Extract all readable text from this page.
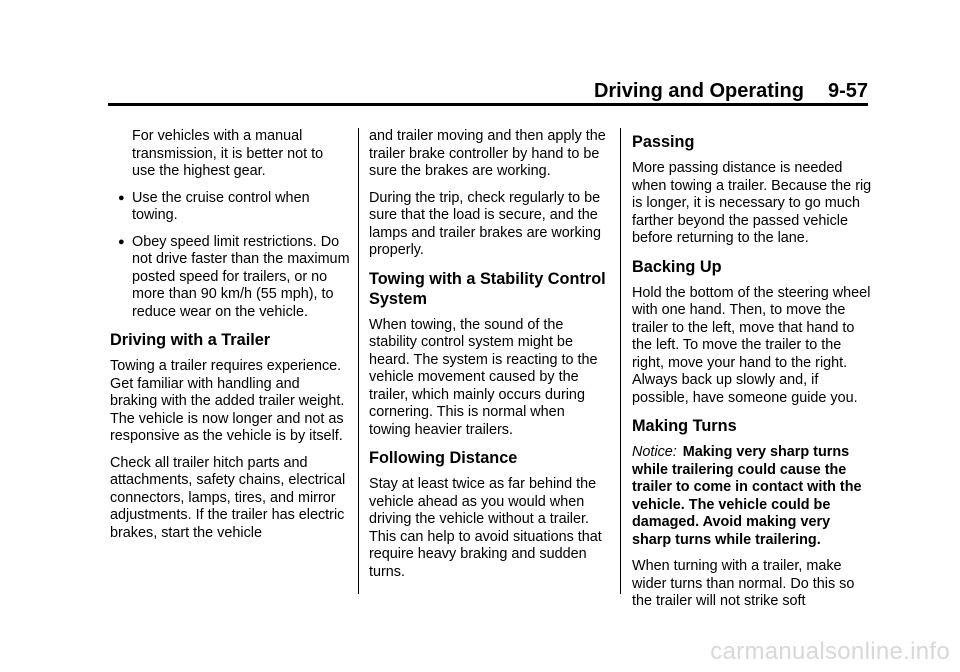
Driving and Operating 9-57

For vehicles with a manual transmission, it is better not to use the highest gear.

● Use the cruise control when towing.
● Obey speed limit restrictions. Do not drive faster than the maximum posted speed for trailers, or no more than 90 km/h (55 mph), to reduce wear on the vehicle.
Driving with a Trailer

Towing a trailer requires experience. Get familiar with handling and braking with the added trailer weight. The vehicle is now longer and not as responsive as the vehicle is by itself.

Check all trailer hitch parts and attachments, safety chains, electrical connectors, lamps, tires, and mirror adjustments. If the trailer has electric brakes, start the vehicle

and trailer moving and then apply the trailer brake controller by hand to be sure the brakes are working.

During the trip, check regularly to be sure that the load is secure, and the lamps and trailer brakes are working properly.

Towing with a Stability Control System

When towing, the sound of the stability control system might be heard. The system is reacting to the vehicle movement caused by the trailer, which mainly occurs during cornering. This is normal when towing heavier trailers.

Following Distance

Stay at least twice as far behind the vehicle ahead as you would when driving the vehicle without a trailer. This can help to avoid situations that require heavy braking and sudden turns.

Passing

More passing distance is needed when towing a trailer. Because the rig is longer, it is necessary to go much farther beyond the passed vehicle before returning to the lane.

Backing Up

Hold the bottom of the steering wheel with one hand. Then, to move the trailer to the left, move that hand to the left. To move the trailer to the right, move your hand to the right. Always back up slowly and, if possible, have someone guide you.

Making Turns

Notice: Making very sharp turns while trailering could cause the trailer to come in contact with the vehicle. The vehicle could be damaged. Avoid making very sharp turns while trailering.

When turning with a trailer, make wider turns than normal. Do this so the trailer will not strike soft

carmanualsonline.info
